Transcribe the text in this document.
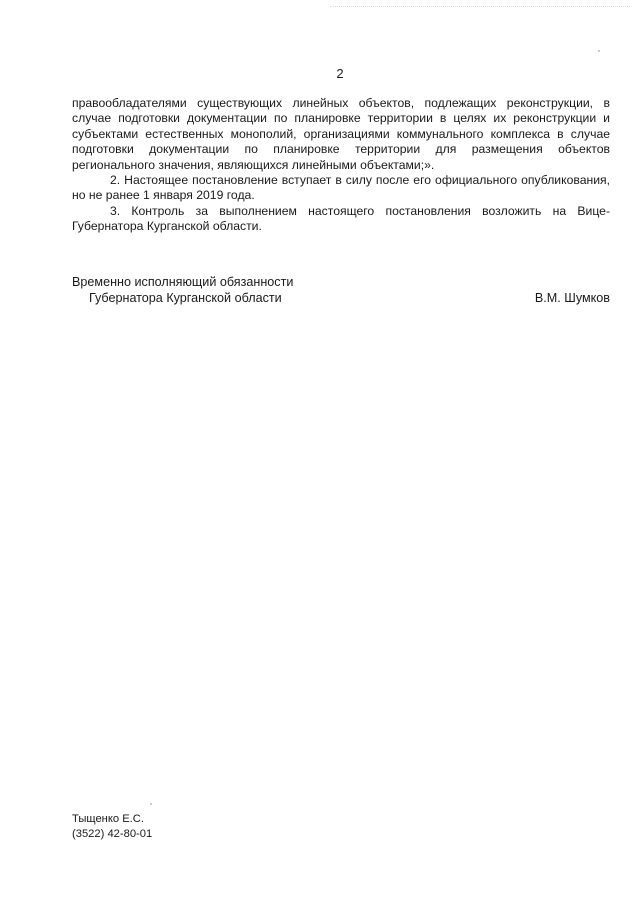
2

правообладателями существующих линейных объектов, подлежащих реконструкции, в случае подготовки документации по планировке территории в целях их реконструкции и субъектами естественных монополий, организациями коммунального комплекса в случае подготовки документации по планировке территории для размещения объектов регионального значения, являющихся линейными объектами;».

2. Настоящее постановление вступает в силу после его официального опубликования, но не ранее 1 января 2019 года.

3. Контроль за выполнением настоящего постановления возложить на Вице-Губернатора Курганской области.

Временно исполняющий обязанности

Губернатора Курганской области	В.М. Шумков

Тыщенко Е.С.
(3522) 42-80-01
